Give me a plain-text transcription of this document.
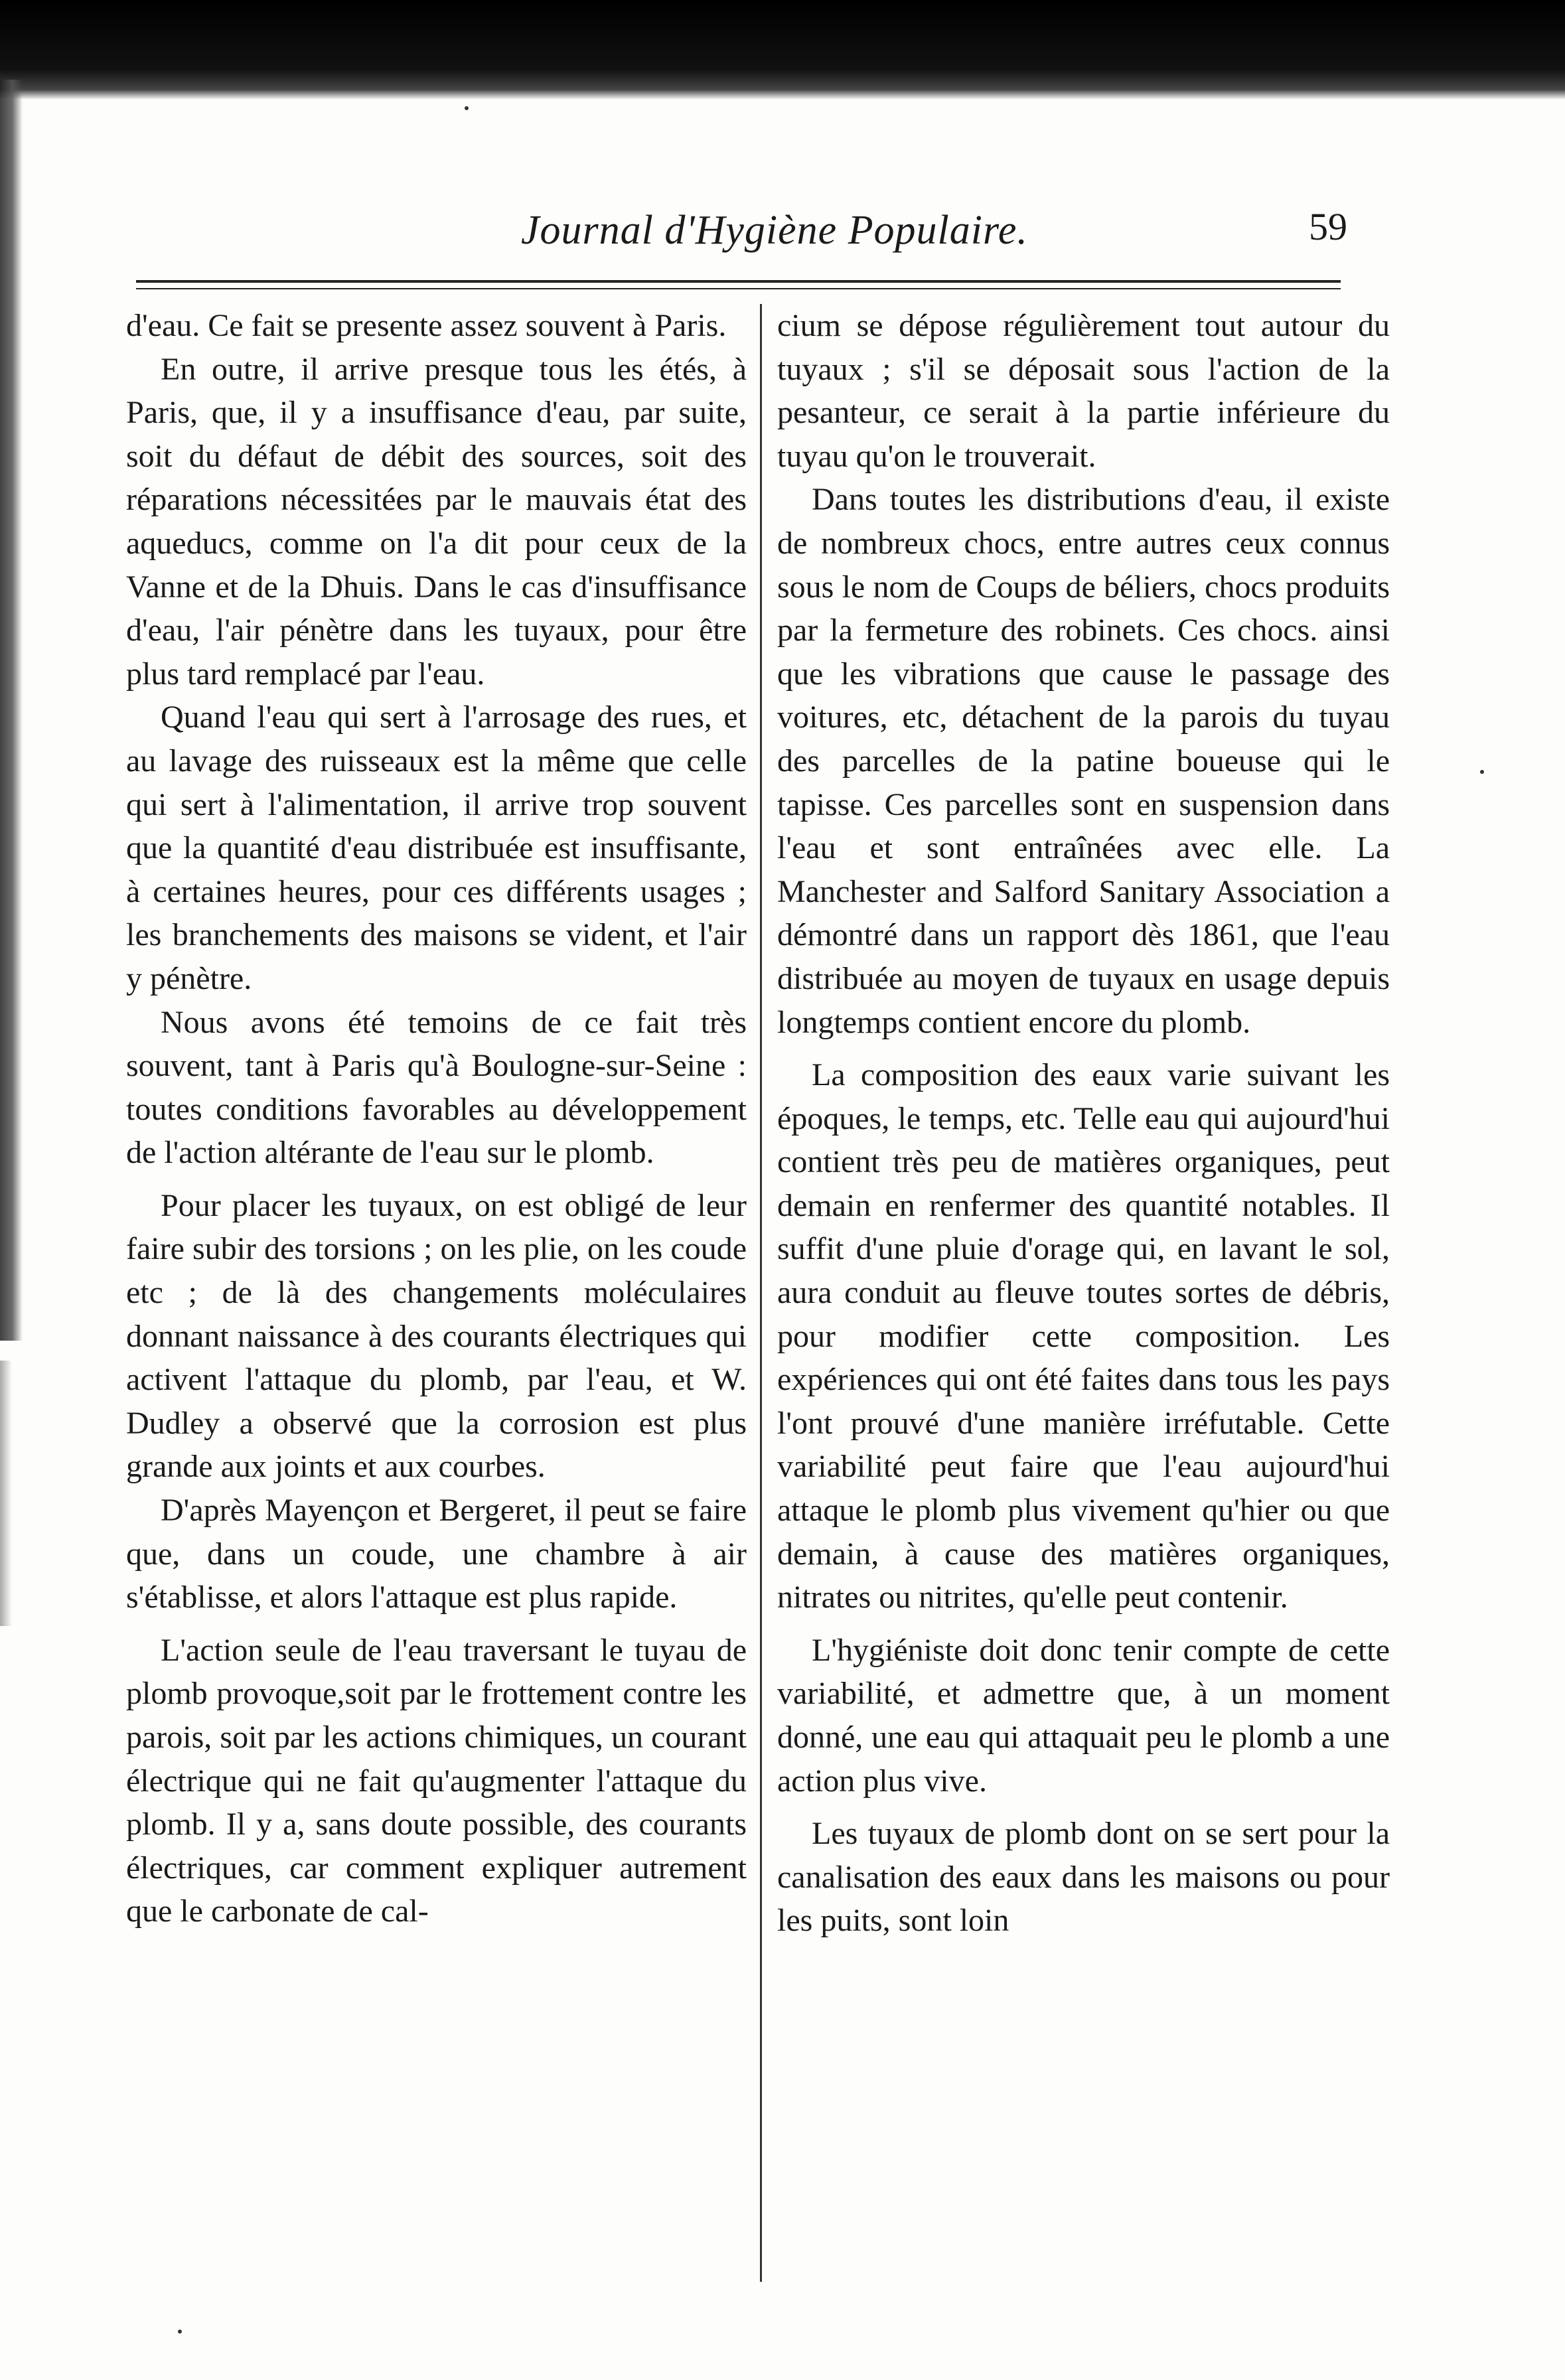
Journal d'Hygiène Populaire.	59

d'eau. Ce fait se presente assez souvent à Paris.

En outre, il arrive presque tous les étés, à Paris, que, il y a insuffisance d'eau, par suite, soit du défaut de débit des sources, soit des réparations nécessitées par le mauvais état des aqueducs, comme on l'a dit pour ceux de la Vanne et de la Dhuis. Dans le cas d'insuffisance d'eau, l'air pénètre dans les tuyaux, pour être plus tard remplacé par l'eau.

Quand l'eau qui sert à l'arrosage des rues, et au lavage des ruisseaux est la même que celle qui sert à l'alimentation, il arrive trop souvent que la quantité d'eau distribuée est insuffisante, à certaines heures, pour ces différents usages ; les branchements des maisons se vident, et l'air y pénètre.

Nous avons été temoins de ce fait très souvent, tant à Paris qu'à Boulogne-sur-Seine : toutes conditions favorables au développement de l'action altérante de l'eau sur le plomb.

Pour placer les tuyaux, on est obligé de leur faire subir des torsions ; on les plie, on les coude etc ; de là des changements moléculaires donnant naissance à des courants électriques qui activent l'attaque du plomb, par l'eau, et W. Dudley a observé que la corrosion est plus grande aux joints et aux courbes.

D'après Mayençon et Bergeret, il peut se faire que, dans un coude, une chambre à air s'établisse, et alors l'attaque est plus rapide.

L'action seule de l'eau traversant le tuyau de plomb provoque,soit par le frottement contre les parois, soit par les actions chimiques, un courant électrique qui ne fait qu'augmenter l'attaque du plomb. Il y a, sans doute possible, des courants électriques, car comment expliquer autrement que le carbonate de cal-

cium se dépose régulièrement tout autour du tuyaux ; s'il se déposait sous l'action de la pesanteur, ce serait à la partie inférieure du tuyau qu'on le trouverait.

Dans toutes les distributions d'eau, il existe de nombreux chocs, entre autres ceux connus sous le nom de Coups de béliers, chocs produits par la fermeture des robinets. Ces chocs. ainsi que les vibrations que cause le passage des voitures, etc, détachent de la parois du tuyau des parcelles de la patine boueuse qui le tapisse. Ces parcelles sont en suspension dans l'eau et sont entraînées avec elle. La Manchester and Salford Sanitary Association a démontré dans un rapport dès 1861, que l'eau distribuée au moyen de tuyaux en usage depuis longtemps contient encore du plomb.

La composition des eaux varie suivant les époques, le temps, etc. Telle eau qui aujourd'hui contient très peu de matières organiques, peut demain en renfermer des quantité notables. Il suffit d'une pluie d'orage qui, en lavant le sol, aura conduit au fleuve toutes sortes de débris, pour modifier cette composition. Les expériences qui ont été faites dans tous les pays l'ont prouvé d'une manière irréfutable. Cette variabilité peut faire que l'eau aujourd'hui attaque le plomb plus vivement qu'hier ou que demain, à cause des matières organiques, nitrates ou nitrites, qu'elle peut contenir.

L'hygiéniste doit donc tenir compte de cette variabilité, et admettre que, à un moment donné, une eau qui attaquait peu le plomb a une action plus vive.

Les tuyaux de plomb dont on se sert pour la canalisation des eaux dans les maisons ou pour les puits, sont loin
